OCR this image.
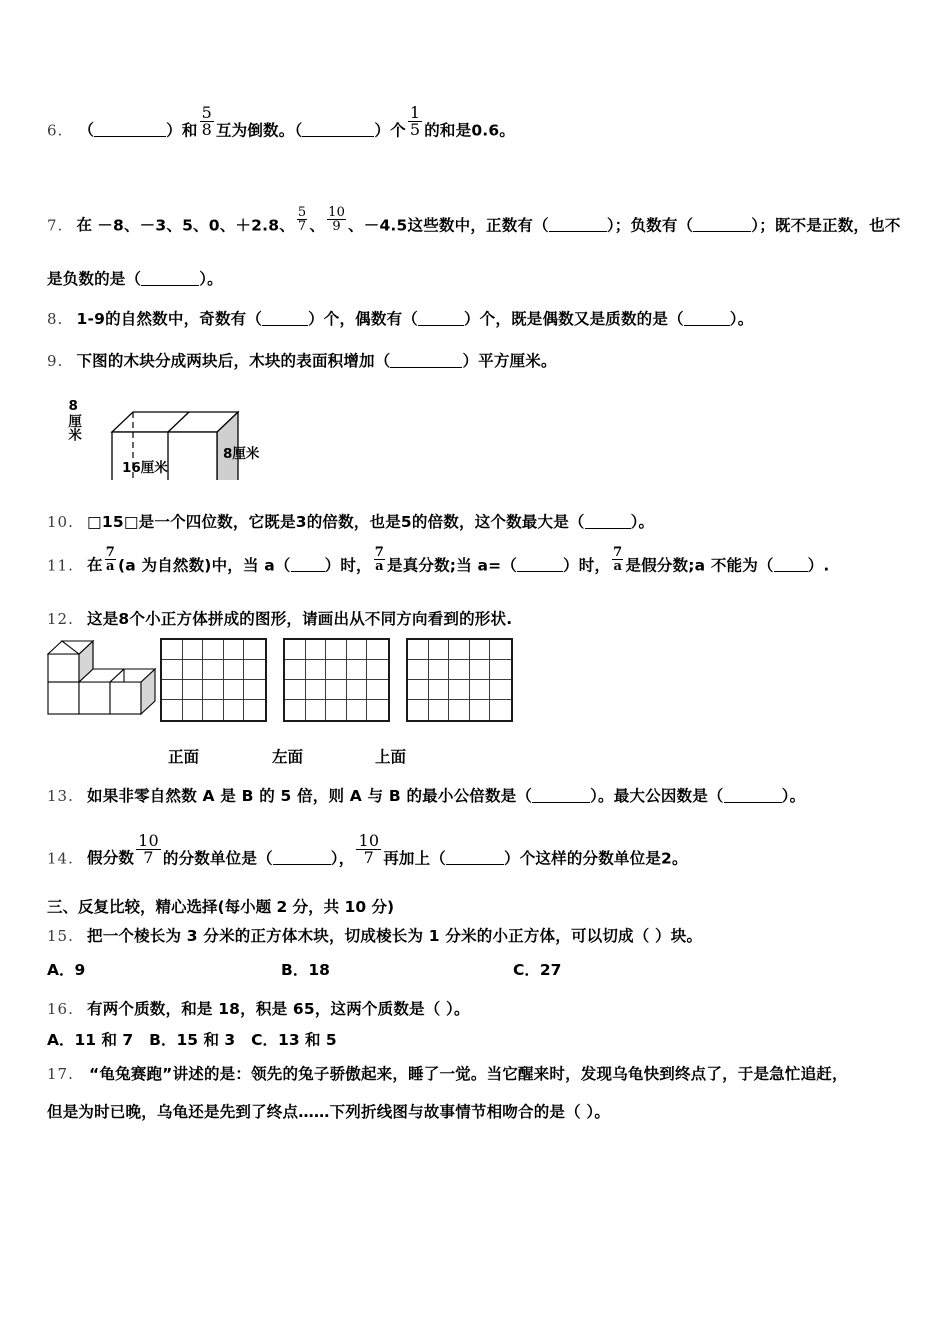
6. （	）和 $\frac{5}{8}$ 互为倒数。（	）个 $\frac{1}{5}$ 的和是0.6。
7. 在 －8、－3、5、0、＋2.8、 $\frac{5}{7}$ 、 $\frac{10}{9}$ 、－4.5这些数中，正数有（	）；负数有（	）；既不是正数，也不
是负数的是（	）。
8. 1-9的自然数中，奇数有（	）个，偶数有（	）个，既是偶数又是质数的是（	）。
9. 下图的木块分成两块后，木块的表面积增加（	）平方厘米。
8厘米
16厘米
8厘米
10. □15□是一个四位数，它既是3的倍数，也是5的倍数，这个数最大是（	）。
11. 在 $\frac{7}{a} (a$ 为自然数)中，当 a（ ）时， $\frac{7}{a}$ 是真分数;当 a=（	）时， $\frac{7}{a}$ 是假分数;a 不能为（ ）.
12. 这是8个小正方体拼成的图形，请画出从不同方向看到的形状.
正面	左面	上面
13. 如果非零自然数 A 是 B 的 5 倍，则 A 与 B 的最小公倍数是（	）。最大公因数是（	）。
14. 假分数 $\frac{10}{7}$ 的分数单位是（	）， $\frac{10}{7}$ 再加上（	）个这样的分数单位是2。
三、反复比较，精心选择(每小题 2 分，共 10 分)
15. 把一个棱长为 3 分米的正方体木块，切成棱长为 1 分米的小正方体，可以切成（ ）块。
A．9	B．18	C．27
16. 有两个质数，和是 18，积是 65，这两个质数是（ ）。
A．11 和 7 B．15 和 3 C．13 和 5
17. “龟兔赛跑”讲述的是：领先的兔子骄傲起来，睡了一觉。当它醒来时，发现乌龟快到终点了，于是急忙追赶，
但是为时已晚，乌龟还是先到了终点……下列折线图与故事情节相吻合的是（ ）。
